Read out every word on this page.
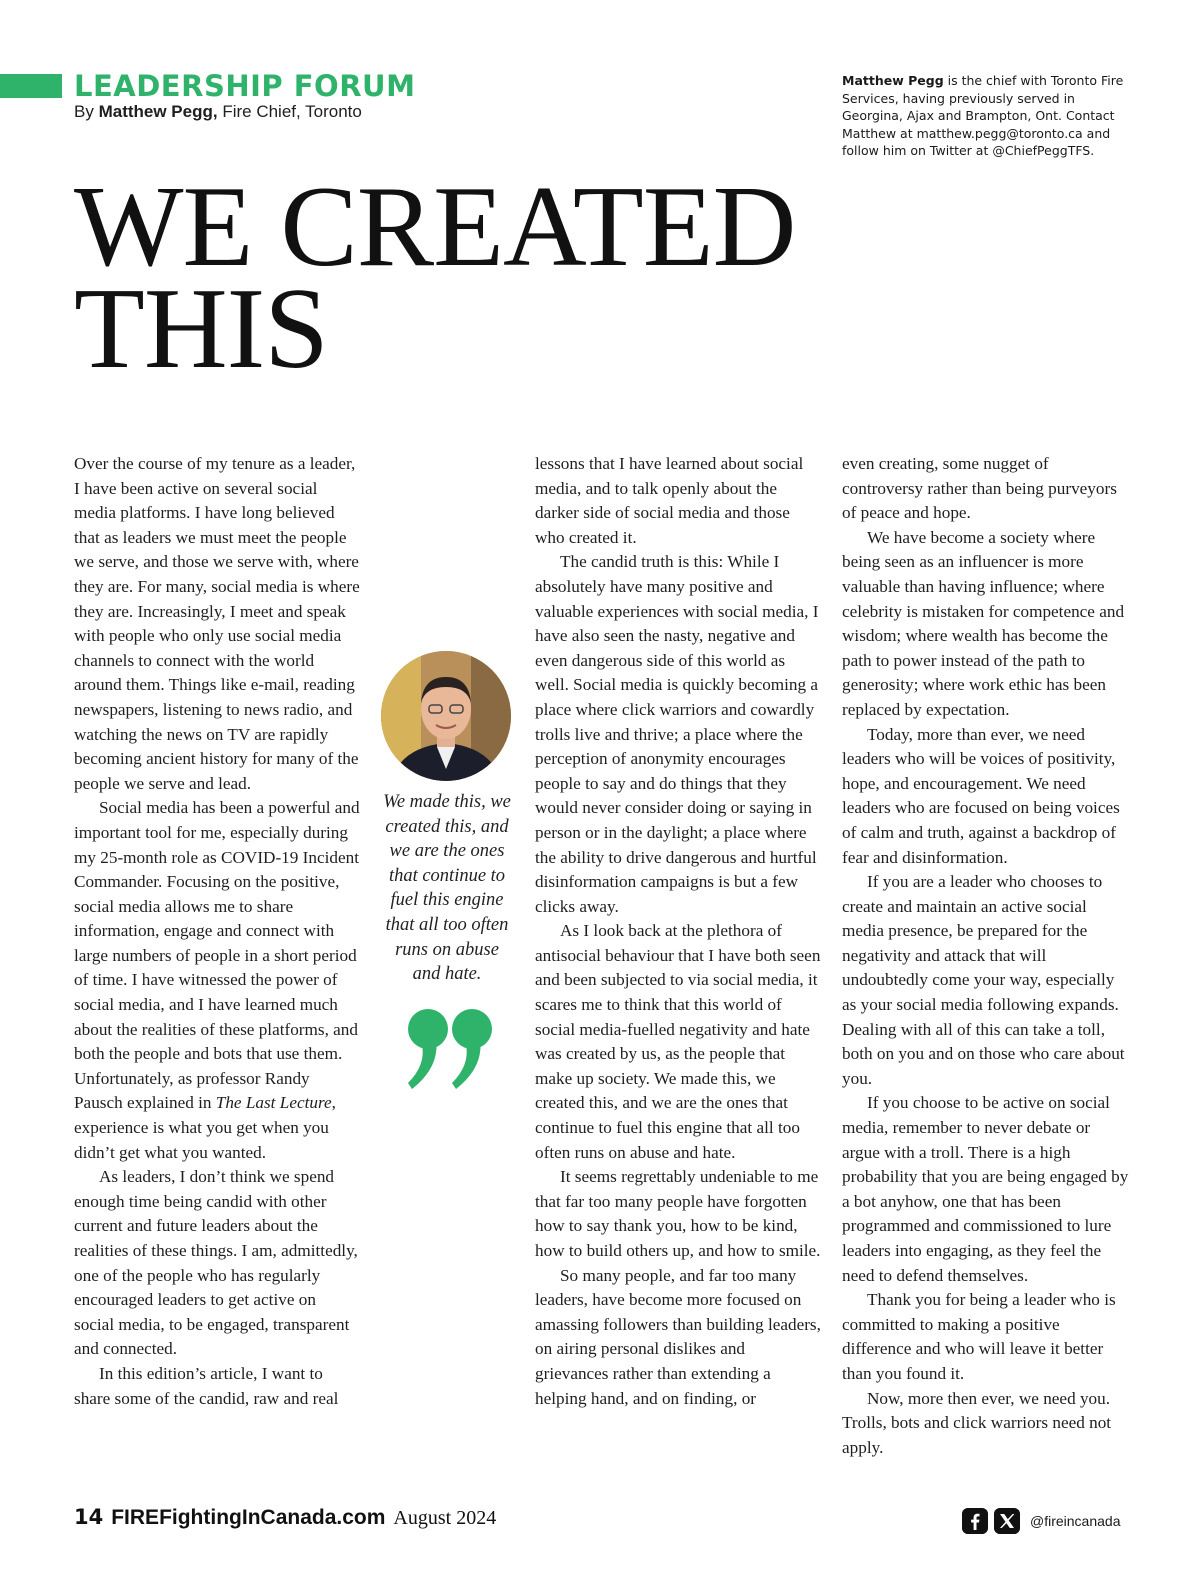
LEADERSHIP FORUM
By Matthew Pegg, Fire Chief, Toronto
Matthew Pegg is the chief with Toronto Fire Services, having previously served in Georgina, Ajax and Brampton, Ont. Contact Matthew at matthew.pegg@toronto.ca and follow him on Twitter at @ChiefPeggTFS.
WE CREATED
THIS

Over the course of my tenure as a leader, I have been active on several social media platforms. I have long believed that as leaders we must meet the people we serve, and those we serve with, where they are. For many, social media is where they are. Increasingly, I meet and speak with people who only use social media channels to connect with the world around them. Things like e-mail, reading newspapers, listening to news radio, and watching the news on TV are rapidly becoming ancient history for many of the people we serve and lead.

Social media has been a powerful and important tool for me, especially during my 25-month role as COVID-19 Incident Commander. Focusing on the positive, social media allows me to share information, engage and connect with large numbers of people in a short period of time. I have witnessed the power of social media, and I have learned much about the realities of these platforms, and both the people and bots that use them. Unfortunately, as professor Randy Pausch explained in The Last Lecture, experience is what you get when you didn’t get what you wanted.

As leaders, I don’t think we spend enough time being candid with other current and future leaders about the realities of these things. I am, admittedly, one of the people who has regularly encouraged leaders to get active on social media, to be engaged, transparent and connected.

In this edition’s article, I want to share some of the candid, raw and real

We made this, we created this, and we are the ones that continue to fuel this engine that all too often runs on abuse and hate.

lessons that I have learned about social media, and to talk openly about the darker side of social media and those who created it.

The candid truth is this: While I absolutely have many positive and valuable experiences with social media, I have also seen the nasty, negative and even dangerous side of this world as well. Social media is quickly becoming a place where click warriors and cowardly trolls live and thrive; a place where the perception of anonymity encourages people to say and do things that they would never consider doing or saying in person or in the daylight; a place where the ability to drive dangerous and hurtful disinformation campaigns is but a few clicks away.

As I look back at the plethora of antisocial behaviour that I have both seen and been subjected to via social media, it scares me to think that this world of social media-fuelled negativity and hate was created by us, as the people that make up society. We made this, we created this, and we are the ones that continue to fuel this engine that all too often runs on abuse and hate.

It seems regrettably undeniable to me that far too many people have forgotten how to say thank you, how to be kind, how to build others up, and how to smile.

So many people, and far too many leaders, have become more focused on amassing followers than building leaders, on airing personal dislikes and grievances rather than extending a helping hand, and on finding, or

even creating, some nugget of controversy rather than being purveyors of peace and hope.

We have become a society where being seen as an influencer is more valuable than having influence; where celebrity is mistaken for competence and wisdom; where wealth has become the path to power instead of the path to generosity; where work ethic has been replaced by expectation.

Today, more than ever, we need leaders who will be voices of positivity, hope, and encouragement. We need leaders who are focused on being voices of calm and truth, against a backdrop of fear and disinformation.

If you are a leader who chooses to create and maintain an active social media presence, be prepared for the negativity and attack that will undoubtedly come your way, especially as your social media following expands. Dealing with all of this can take a toll, both on you and on those who care about you.

If you choose to be active on social media, remember to never debate or argue with a troll. There is a high probability that you are being engaged by a bot anyhow, one that has been programmed and commissioned to lure leaders into engaging, as they feel the need to defend themselves.

Thank you for being a leader who is committed to making a positive difference and who will leave it better than you found it.

Now, more then ever, we need you. Trolls, bots and click warriors need not apply.

14 FIREFightingInCanada.com August 2024	@fireincanada
